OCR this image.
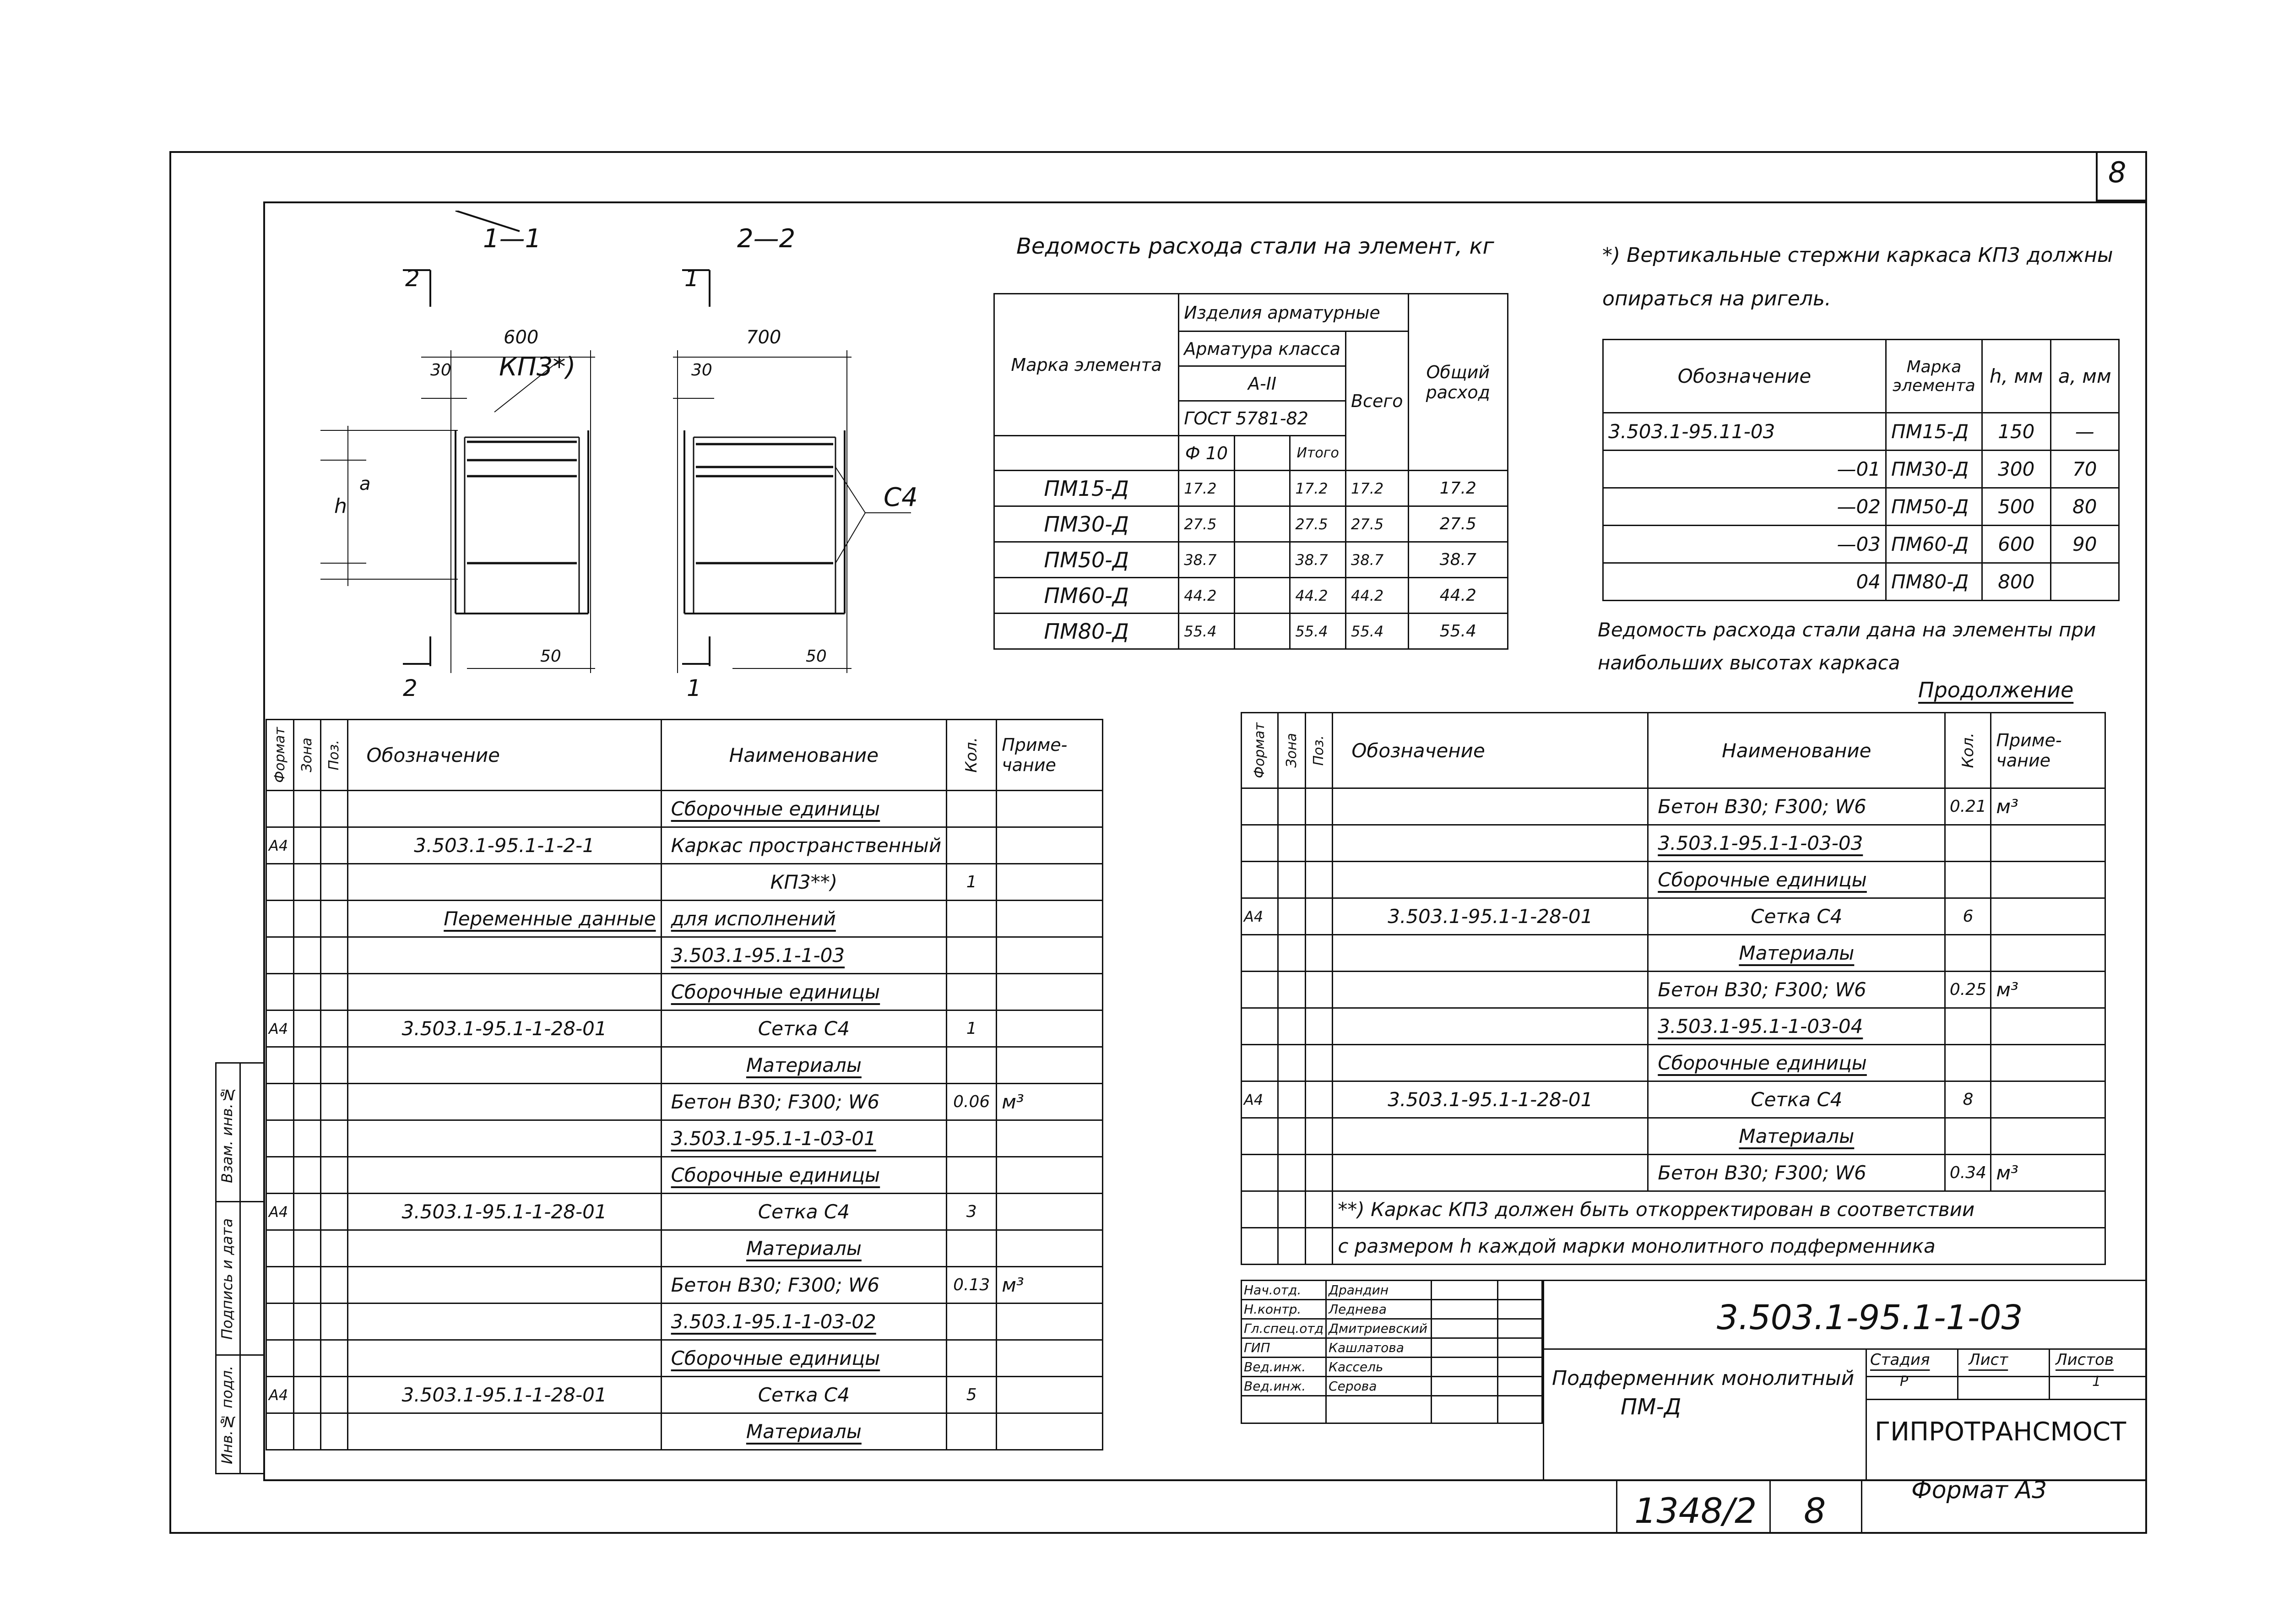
8
Инв.№ подл.
Подпись и дата
Взам. инв.№
1—1	2—2
2	1
600	700
30	30
КП3*)
С4
h
a
50	50
2	1
Ведомость расхода стали на элемент, кг
Марка элемента	Изделия арматурные				Общий расход
	Арматура класса			Всего	
	А-II				
	ГОСТ 5781-82				
	Ф 10		Итого		
ПМ15-Д	17.2		17.2	17.2	17.2
ПМ30-Д	27.5		27.5	27.5	27.5
ПМ50-Д	38.7		38.7	38.7	38.7
ПМ60-Д	44.2		44.2	44.2	44.2
ПМ80-Д	55.4		55.4	55.4	55.4
*) Вертикальные стержни каркаса КП3 должны опираться на ригель.
Обозначение	Марка элемента	h, мм	a, мм
3.503.1-95.11-03	ПМ15-Д	150	—
—01	ПМ30-Д	300	70
—02	ПМ50-Д	500	80
—03	ПМ60-Д	600	90
04	ПМ80-Д	800	
Ведомость расхода стали дана на элементы при наибольших высотах каркаса
Продолжение
Формат	Зона	Поз.	Обозначение	Наименование	Кол.	Приме-чание
				Сборочные единицы		
А4			3.503.1-95.1-1-2-1	Каркас пространственный		
				КП3**)	1	
			Переменные данные	для исполнений		
				3.503.1-95.1-1-03		
				Сборочные единицы		
А4			3.503.1-95.1-1-28-01	Сетка С4	1	
				Материалы		
				Бетон В30; F300; W6	0.06	м³
				3.503.1-95.1-1-03-01		
				Сборочные единицы		
А4			3.503.1-95.1-1-28-01	Сетка С4	3	
				Материалы		
				Бетон В30; F300; W6	0.13	м³
				3.503.1-95.1-1-03-02		
				Сборочные единицы		
А4			3.503.1-95.1-1-28-01	Сетка С4	5	
				Материалы		
Формат	Зона	Поз.	Обозначение	Наименование	Кол.	Приме-чание
				Бетон В30; F300; W6	0.21	м³
				3.503.1-95.1-1-03-03		
				Сборочные единицы		
А4			3.503.1-95.1-1-28-01	Сетка С4	6	
				Материалы		
				Бетон В30; F300; W6	0.25	м³
				3.503.1-95.1-1-03-04		
				Сборочные единицы		
А4			3.503.1-95.1-1-28-01	Сетка С4	8	
				Материалы		
				Бетон В30; F300; W6	0.34	м³
			**) Каркас КП3 должен быть откорректирован в соответствии			
			с размером h каждой марки монолитного подферменника			
Нач.отд.	Драндин		
Н.контр.	Леднева		
Гл.спец.отд	Дмитриевский		
ГИП	Кашлатова		
Вед.инж.	Кассель		
Вед.инж.	Серова		

3.503.1-95.1-1-03
Подферменник монолитный
ПМ-Д
Стадия Лист	Листов
Р	1
ГИПРОТРАНСМОСТ
1348/2 8	Формат А3
